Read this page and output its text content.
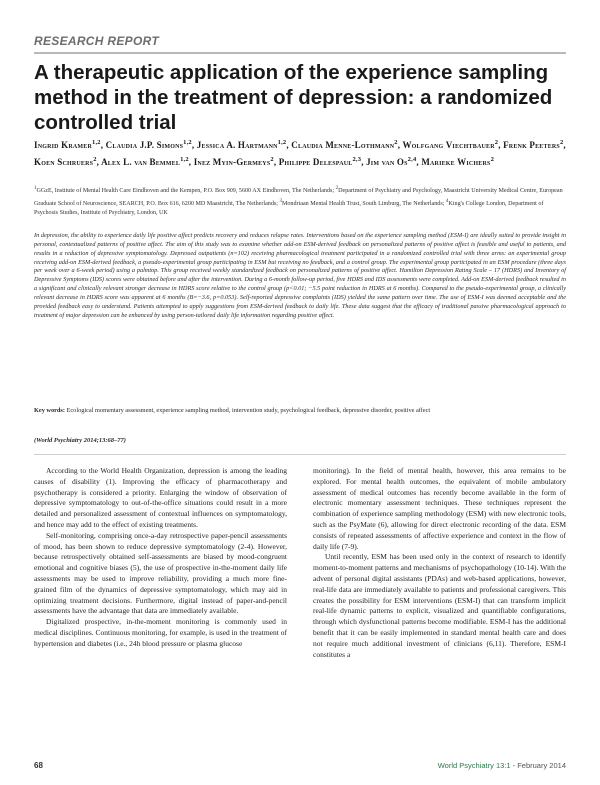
RESEARCH REPORT
A therapeutic application of the experience sampling method in the treatment of depression: a randomized controlled trial
Ingrid Kramer$^{1,2}$, Claudia J.P. Simons$^{1,2}$, Jessica A. Hartmann$^{1,2}$, Claudia Menne-Lothmann$^2$, Wolfgang Viechtbauer$^2$, Frenk Peeters$^2$, Koen Schruers$^2$, Alex L. van Bemmel$^{1,2}$, Inez Myin-Germeys$^2$, Philippe Delespaul$^{2,3}$, Jim van Os$^{2,4}$, Marieke Wichers$^2$
$^1$GGzE, Institute of Mental Health Care Eindhoven and the Kempen, P.O. Box 909, 5600 AX Eindhoven, The Netherlands; $^2$Department of Psychiatry and Psychology, Maastricht University Medical Centre, European Graduate School of Neuroscience, SEARCH, P.O. Box 616, 6200 MD Maastricht, The Netherlands; $^3$Mondriaan Mental Health Trust, South Limburg, The Netherlands; $^4$King's College London, Department of Psychosis Studies, Institute of Psychiatry, London, UK
In depression, the ability to experience daily life positive affect predicts recovery and reduces relapse rates. Interventions based on the experience sampling method (ESM-I) are ideally suited to provide insight in personal, contextualized patterns of positive affect. The aim of this study was to examine whether add-on ESM-derived feedback on personalized patterns of positive affect is feasible and useful to patients, and results in a reduction of depressive symptomatology. Depressed outpatients (n=102) receiving pharmacological treatment participated in a randomized controlled trial with three arms: an experimental group receiving add-on ESM-derived feedback, a pseudo-experimental group participating in ESM but receiving no feedback, and a control group. The experimental group participated in an ESM procedure (three days per week over a 6-week period) using a palmtop. This group received weekly standardized feedback on personalized patterns of positive affect. Hamilton Depression Rating Scale – 17 (HDRS) and Inventory of Depressive Symptoms (IDS) scores were obtained before and after the intervention. During a 6-month follow-up period, five HDRS and IDS assessments were completed. Add-on ESM-derived feedback resulted in a significant and clinically relevant stronger decrease in HDRS score relative to the control group (p<0.01; −5.5 point reduction in HDRS at 6 months). Compared to the pseudo-experimental group, a clinically relevant decrease in HDRS score was apparent at 6 months (B=−3.6, p=0.053). Self-reported depressive complaints (IDS) yielded the same pattern over time. The use of ESM-I was deemed acceptable and the provided feedback easy to understand. Patients attempted to apply suggestions from ESM-derived feedback to daily life. These data suggest that the efficacy of traditional passive pharmacological approach to treatment of major depression can be enhanced by using person-tailored daily life information regarding positive affect.
Key words: Ecological momentary assessment, experience sampling method, intervention study, psychological feedback, depressive disorder, positive affect
(World Psychiatry 2014;13:68–77)

According to the World Health Organization, depression is among the leading causes of disability (1). Improving the efficacy of pharmacotherapy and psychotherapy is considered a priority. Enlarging the window of observation of depressive symptomatology to out-of-the-office situations could result in a more detailed and personalized assessment of contextual influences on symptomatology, and hence may add to the effect of existing treatments.

Self-monitoring, comprising once-a-day retrospective paper-pencil assessments of mood, has been shown to reduce depressive symptomatology (2-4). However, because retrospectively obtained self-assessments are biased by mood-congruent emotional and cognitive biases (5), the use of prospective in-the-moment daily life assessments may be used to improve reliability, providing a much more fine-grained film of the dynamics of depressive symptomatology, which may aid in optimizing treatment decisions. Furthermore, digital instead of paper-and-pencil assessments have the advantage that data are immediately available.

Digitalized prospective, in-the-moment monitoring is commonly used in medical disciplines. Continuous monitoring, for example, is used in the treatment of hypertension and diabetes (i.e., 24h blood pressure or plasma glucose

monitoring). In the field of mental health, however, this area remains to be explored. For mental health outcomes, the equivalent of mobile ambulatory assessment of medical outcomes has recently become available in the form of electronic momentary assessment techniques. These techniques represent the combination of experience sampling methodology (ESM) with new electronic tools, such as the PsyMate (6), allowing for direct electronic recording of the data. ESM consists of repeated assessments of affective experience and context in the flow of daily life (7-9).

Until recently, ESM has been used only in the context of research to identify moment-to-moment patterns and mechanisms of psychopathology (10-14). With the advent of personal digital assistants (PDAs) and web-based applications, however, real-life data are immediately available to patients and professional caregivers. This creates the possibility for ESM interventions (ESM-I) that can transform implicit real-life dynamic patterns to explicit, visualized and quantifiable configurations, through which dysfunctional patterns become modifiable. ESM-I has the additional benefit that it can be easily implemented in standard mental health care and does not require much additional investment of clinicians (6,11). Therefore, ESM-I constitutes a

68	World Psychiatry 13:1 - February 2014
